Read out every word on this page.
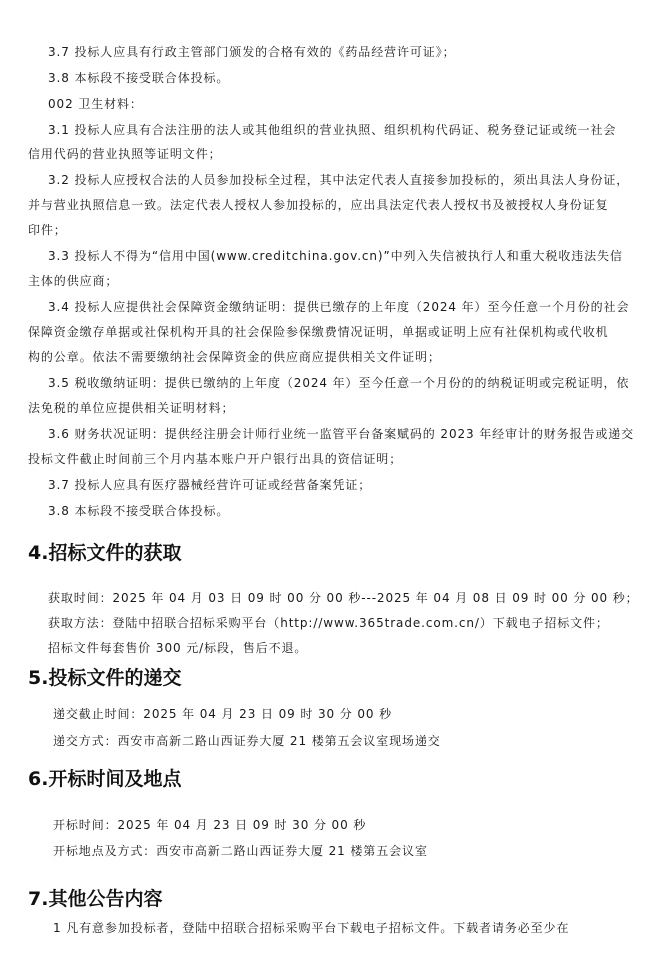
3.7 投标人应具有行政主管部门颁发的合格有效的《药品经营许可证》；
3.8 本标段不接受联合体投标。
002 卫生材料：
3.1 投标人应具有合法注册的法人或其他组织的营业执照、组织机构代码证、税务登记证或统一社会
信用代码的营业执照等证明文件；
3.2 投标人应授权合法的人员参加投标全过程，其中法定代表人直接参加投标的，须出具法人身份证，
并与营业执照信息一致。法定代表人授权人参加投标的，应出具法定代表人授权书及被授权人身份证复
印件；
3.3 投标人不得为“信用中国(www.creditchina.gov.cn)”中列入失信被执行人和重大税收违法失信
主体的供应商；
3.4 投标人应提供社会保障资金缴纳证明：提供已缴存的上年度（2024 年）至今任意一个月份的社会
保障资金缴存单据或社保机构开具的社会保险参保缴费情况证明，单据或证明上应有社保机构或代收机
构的公章。依法不需要缴纳社会保障资金的供应商应提供相关文件证明；
3.5 税收缴纳证明：提供已缴纳的上年度（2024 年）至今任意一个月份的的纳税证明或完税证明，依
法免税的单位应提供相关证明材料；
3.6 财务状况证明：提供经注册会计师行业统一监管平台备案赋码的 2023 年经审计的财务报告或递交
投标文件截止时间前三个月内基本账户开户银行出具的资信证明；
3.7 投标人应具有医疗器械经营许可证或经营备案凭证；
3.8 本标段不接受联合体投标。
4.招标文件的获取
获取时间：2025 年 04 月 03 日 09 时 00 分 00 秒---2025 年 04 月 08 日 09 时 00 分 00 秒；
获取方法：登陆中招联合招标采购平台（http://www.365trade.com.cn/）下载电子招标文件；
招标文件每套售价 300 元/标段，售后不退。
5.投标文件的递交
递交截止时间：2025 年 04 月 23 日 09 时 30 分 00 秒
递交方式：西安市高新二路山西证券大厦 21 楼第五会议室现场递交
6.开标时间及地点
开标时间：2025 年 04 月 23 日 09 时 30 分 00 秒
开标地点及方式：西安市高新二路山西证券大厦 21 楼第五会议室
7.其他公告内容
1 凡有意参加投标者，登陆中招联合招标采购平台下载电子招标文件。下载者请务必至少在
